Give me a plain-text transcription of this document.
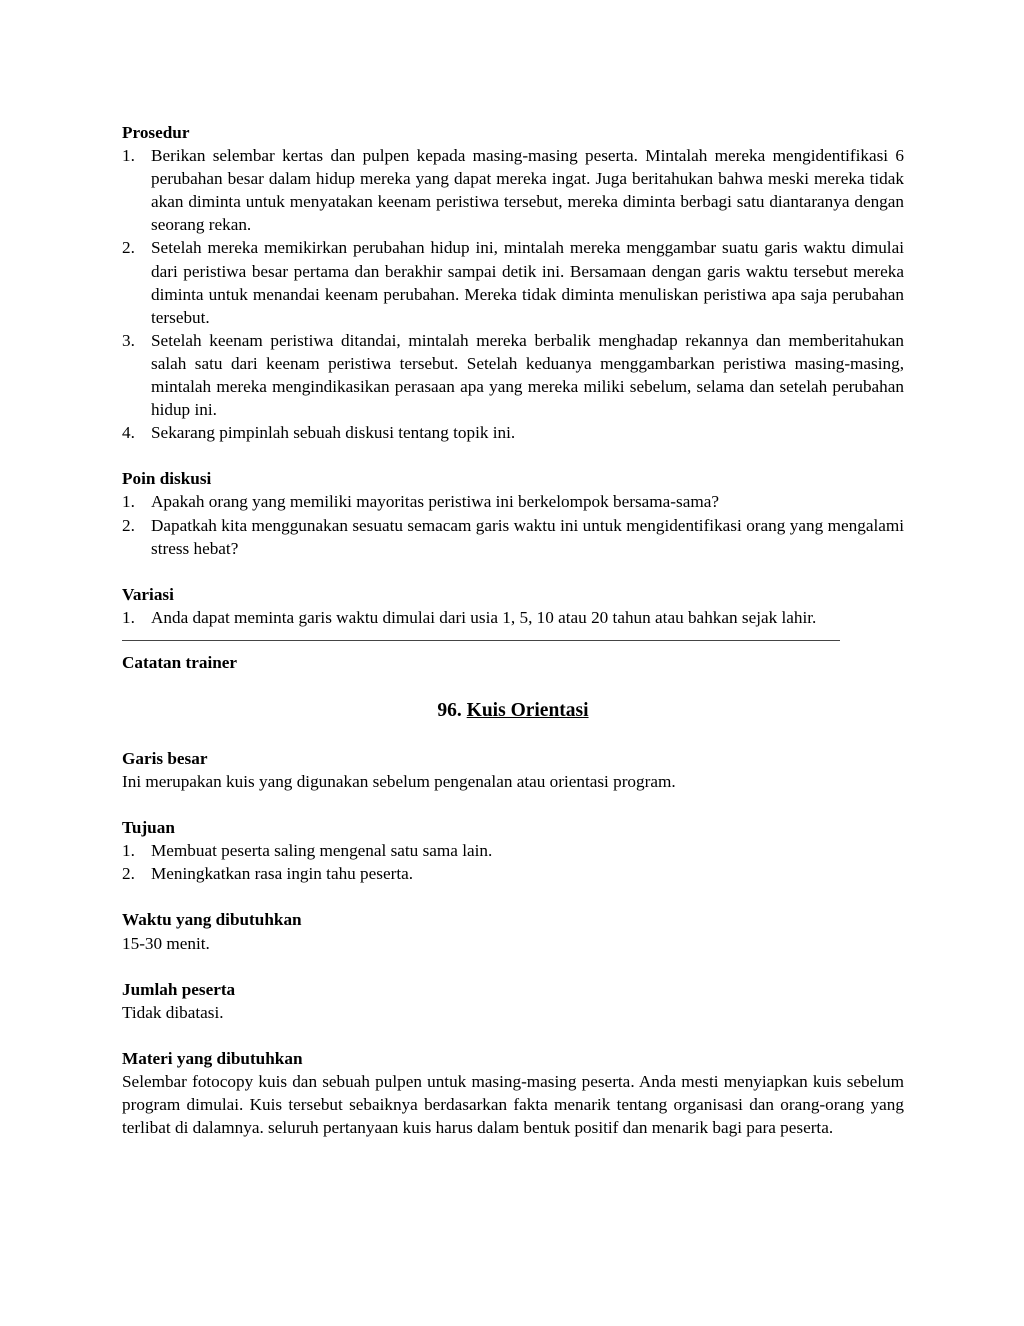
Prosedur
1. Berikan selembar kertas dan pulpen kepada masing-masing peserta. Mintalah mereka mengidentifikasi 6 perubahan besar dalam hidup mereka yang dapat mereka ingat. Juga beritahukan bahwa meski mereka tidak akan diminta untuk menyatakan keenam peristiwa tersebut, mereka diminta berbagi satu diantaranya dengan seorang rekan.
2. Setelah mereka memikirkan perubahan hidup ini, mintalah mereka menggambar suatu garis waktu dimulai dari peristiwa besar pertama dan berakhir sampai detik ini. Bersamaan dengan garis waktu tersebut mereka diminta untuk menandai keenam perubahan. Mereka tidak diminta menuliskan peristiwa apa saja perubahan tersebut.
3. Setelah keenam peristiwa ditandai, mintalah mereka berbalik menghadap rekannya dan memberitahukan salah satu dari keenam peristiwa tersebut. Setelah keduanya menggambarkan peristiwa masing-masing, mintalah mereka mengindikasikan perasaan apa yang mereka miliki sebelum, selama dan setelah perubahan hidup ini.
4. Sekarang pimpinlah sebuah diskusi tentang topik ini.
Poin diskusi
1. Apakah orang yang memiliki mayoritas peristiwa ini berkelompok bersama-sama?
2. Dapatkah kita menggunakan sesuatu semacam garis waktu ini untuk mengidentifikasi orang yang mengalami stress hebat?
Variasi
1. Anda dapat meminta garis waktu dimulai dari usia 1, 5, 10 atau 20 tahun atau bahkan sejak lahir.
Catatan trainer
96. Kuis Orientasi
Garis besar

Ini merupakan kuis yang digunakan sebelum pengenalan atau orientasi program.

Tujuan
1. Membuat peserta saling mengenal satu sama lain.
2. Meningkatkan rasa ingin tahu peserta.
Waktu yang dibutuhkan

15-30 menit.

Jumlah peserta

Tidak dibatasi.

Materi yang dibutuhkan

Selembar fotocopy kuis dan sebuah pulpen untuk masing-masing peserta. Anda mesti menyiapkan kuis sebelum program dimulai. Kuis tersebut sebaiknya berdasarkan fakta menarik tentang organisasi dan orang-orang yang terlibat di dalamnya. seluruh pertanyaan kuis harus dalam bentuk positif dan menarik bagi para peserta.
